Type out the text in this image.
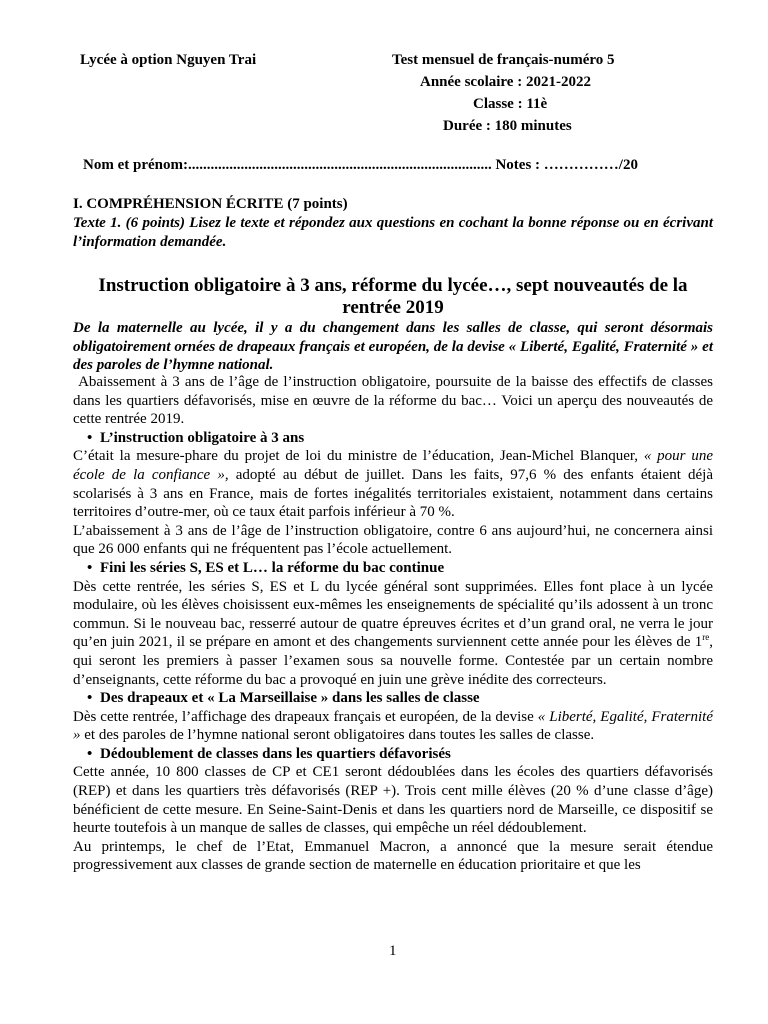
Lycée à option Nguyen Trai	Test mensuel de français-numéro 5
Année scolaire : 2021-2022
Classe : 11è
Durée : 180 minutes
Nom et prénom:................................................................................. Notes : ……………/20
I. COMPRÉHENSION ÉCRITE (7 points)
Texte 1. (6 points) Lisez le texte et répondez aux questions en cochant la bonne réponse ou en écrivant l’information demandée.
Instruction obligatoire à 3 ans, réforme du lycée…, sept nouveautés de la rentrée 2019
De la maternelle au lycée, il y a du changement dans les salles de classe, qui seront désormais obligatoirement ornées de drapeaux français et européen, de la devise « Liberté, Egalité, Fraternité » et des paroles de l’hymne national.

Abaissement à 3 ans de l’âge de l’instruction obligatoire, poursuite de la baisse des effectifs de classes dans les quartiers défavorisés, mise en œuvre de la réforme du bac… Voici un aperçu des nouveautés de cette rentrée 2019.

• L’instruction obligatoire à 3 ans

C’était la mesure-phare du projet de loi du ministre de l’éducation, Jean-Michel Blanquer, « pour une école de la confiance », adopté au début de juillet. Dans les faits, 97,6 % des enfants étaient déjà scolarisés à 3 ans en France, mais de fortes inégalités territoriales existaient, notamment dans certains territoires d’outre-mer, où ce taux était parfois inférieur à 70 %.

L’abaissement à 3 ans de l’âge de l’instruction obligatoire, contre 6 ans aujourd’hui, ne concernera ainsi que 26 000 enfants qui ne fréquentent pas l’école actuellement.

• Fini les séries S, ES et L… la réforme du bac continue

Dès cette rentrée, les séries S, ES et L du lycée général sont supprimées. Elles font place à un lycée modulaire, où les élèves choisissent eux-mêmes les enseignements de spécialité qu’ils adossent à un tronc commun. Si le nouveau bac, resserré autour de quatre épreuves écrites et d’un grand oral, ne verra le jour qu’en juin 2021, il se prépare en amont et des changements surviennent cette année pour les élèves de 1re, qui seront les premiers à passer l’examen sous sa nouvelle forme. Contestée par un certain nombre d’enseignants, cette réforme du bac a provoqué en juin une grève inédite des correcteurs.

• Des drapeaux et « La Marseillaise » dans les salles de classe

Dès cette rentrée, l’affichage des drapeaux français et européen, de la devise « Liberté, Egalité, Fraternité » et des paroles de l’hymne national seront obligatoires dans toutes les salles de classe.

• Dédoublement de classes dans les quartiers défavorisés

Cette année, 10 800 classes de CP et CE1 seront dédoublées dans les écoles des quartiers défavorisés (REP) et dans les quartiers très défavorisés (REP +). Trois cent mille élèves (20 % d’une classe d’âge) bénéficient de cette mesure. En Seine-Saint-Denis et dans les quartiers nord de Marseille, ce dispositif se heurte toutefois à un manque de salles de classes, qui empêche un réel dédoublement.

Au printemps, le chef de l’Etat, Emmanuel Macron, a annoncé que la mesure serait étendue progressivement aux classes de grande section de maternelle en éducation prioritaire et que les

1
